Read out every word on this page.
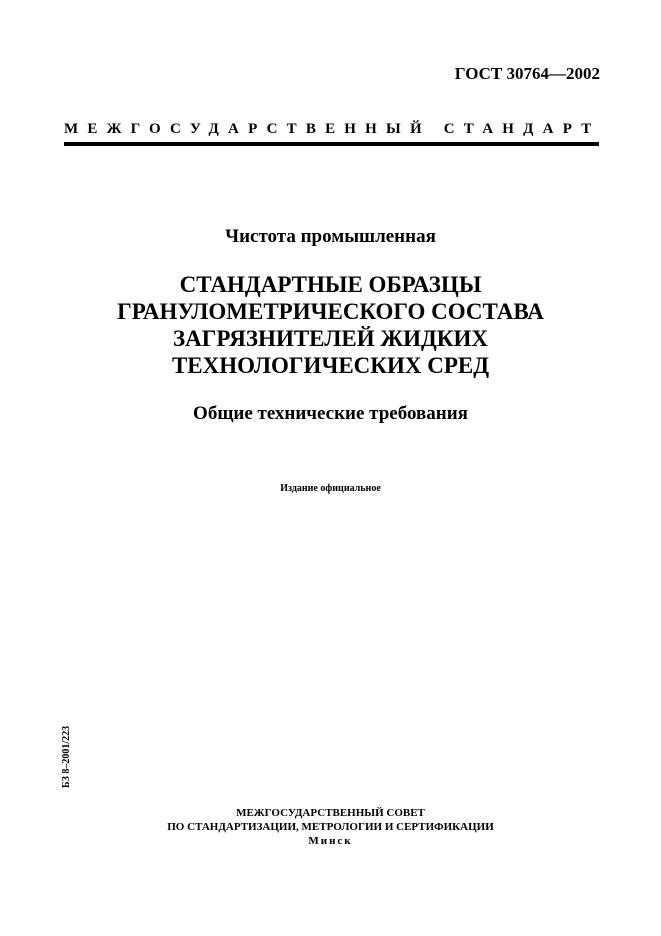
ГОСТ 30764—2002
МЕЖГОСУДАРСТВЕННЫЙ СТАНДАРТ
Чистота промышленная
СТАНДАРТНЫЕ ОБРАЗЦЫ
ГРАНУЛОМЕТРИЧЕСКОГО СОСТАВА
ЗАГРЯЗНИТЕЛЕЙ ЖИДКИХ
ТЕХНОЛОГИЧЕСКИХ СРЕД
Общие технические требования
Издание официальное
БЗ 8–2001/223
МЕЖГОСУДАРСТВЕННЫЙ СОВЕТ
ПО СТАНДАРТИЗАЦИИ, МЕТРОЛОГИИ И СЕРТИФИКАЦИИ
Минск
